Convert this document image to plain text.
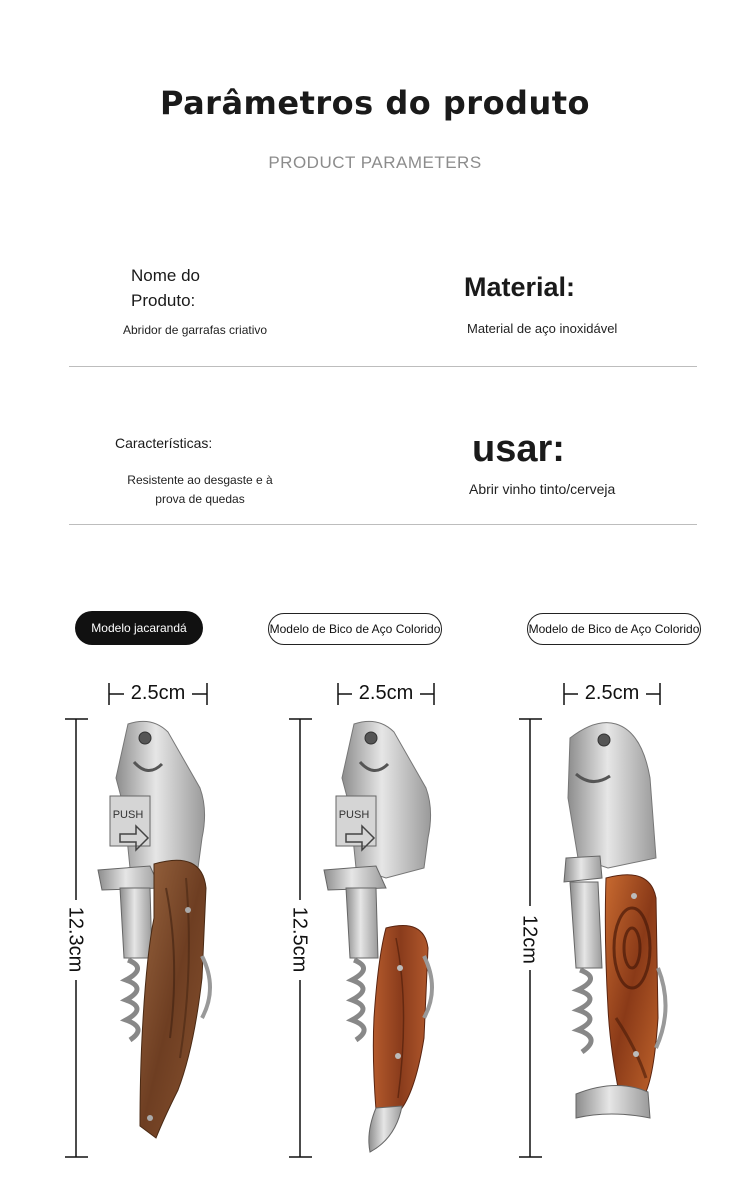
Parâmetros do produto
PRODUCT PARAMETERS
Nome do
Produto:
Abridor de garrafas criativo
Material:
Material de aço inoxidável
Características:
Resistente ao desgaste e à
prova de quedas
usar:
Abrir vinho tinto/cerveja
Modelo jacarandá	Modelo de Bico de Aço Colorido	Modelo de Bico de Aço Colorido
2.5cm	2.5cm	2.5cm
12.3cm	12.5cm	12cm
PUSH	PUSH
